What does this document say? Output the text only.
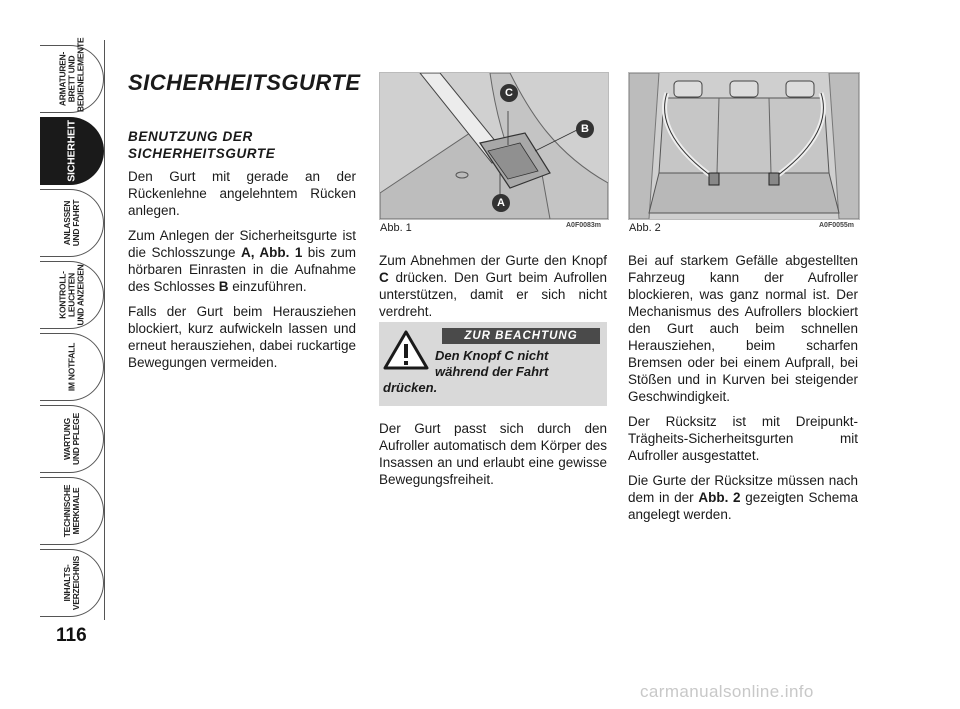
ARMATUREN-
BRETT UND
BEDIENELEMENTE
SICHERHEIT
ANLASSEN
UND FAHRT
KONTROLL-
LEUCHTEN
UND ANZEIGEN
IM NOTFALL
WARTUNG
UND PFLEGE
TECHNISCHE
MERKMALE
INHALTS-
VERZEICHNIS
116
SICHERHEITSGURTE
BENUTZUNG DER SICHERHEITSGURTE

Den Gurt mit gerade an der Rückenlehne angelehntem Rücken anlegen.

Zum Anlegen der Sicherheitsgurte ist die Schlosszunge A, Abb. 1 bis zum hörbaren Einrasten in die Aufnahme des Schlosses B einzuführen.

Falls der Gurt beim Herausziehen blockiert, kurz aufwickeln lassen und erneut herausziehen, dabei ruckartige Bewegungen vermeiden.

C
B
A
Abb. 1	A0F0083m

Zum Abnehmen der Gurte den Knopf C drücken. Den Gurt beim Aufrollen unterstützen, damit er sich nicht verdreht.

ZUR BEACHTUNG
Den Knopf C nicht
während der Fahrt
drücken.

Der Gurt passt sich durch den Aufroller automatisch dem Körper des Insassen an und erlaubt eine gewisse Bewegungsfreiheit.

Abb. 2	A0F0055m

Bei auf starkem Gefälle abgestellten Fahrzeug kann der Aufroller blockieren, was ganz normal ist. Der Mechanismus des Aufrollers blockiert den Gurt auch beim schnellen Herausziehen, beim scharfen Bremsen oder bei einem Aufprall, bei Stößen und in Kurven bei steigender Geschwindigkeit.

Der Rücksitz ist mit Dreipunkt-Trägheits-Sicherheitsgurten mit Aufroller ausgestattet.

Die Gurte der Rücksitze müssen nach dem in der Abb. 2 gezeigten Schema angelegt werden.

carmanualsonline.info
